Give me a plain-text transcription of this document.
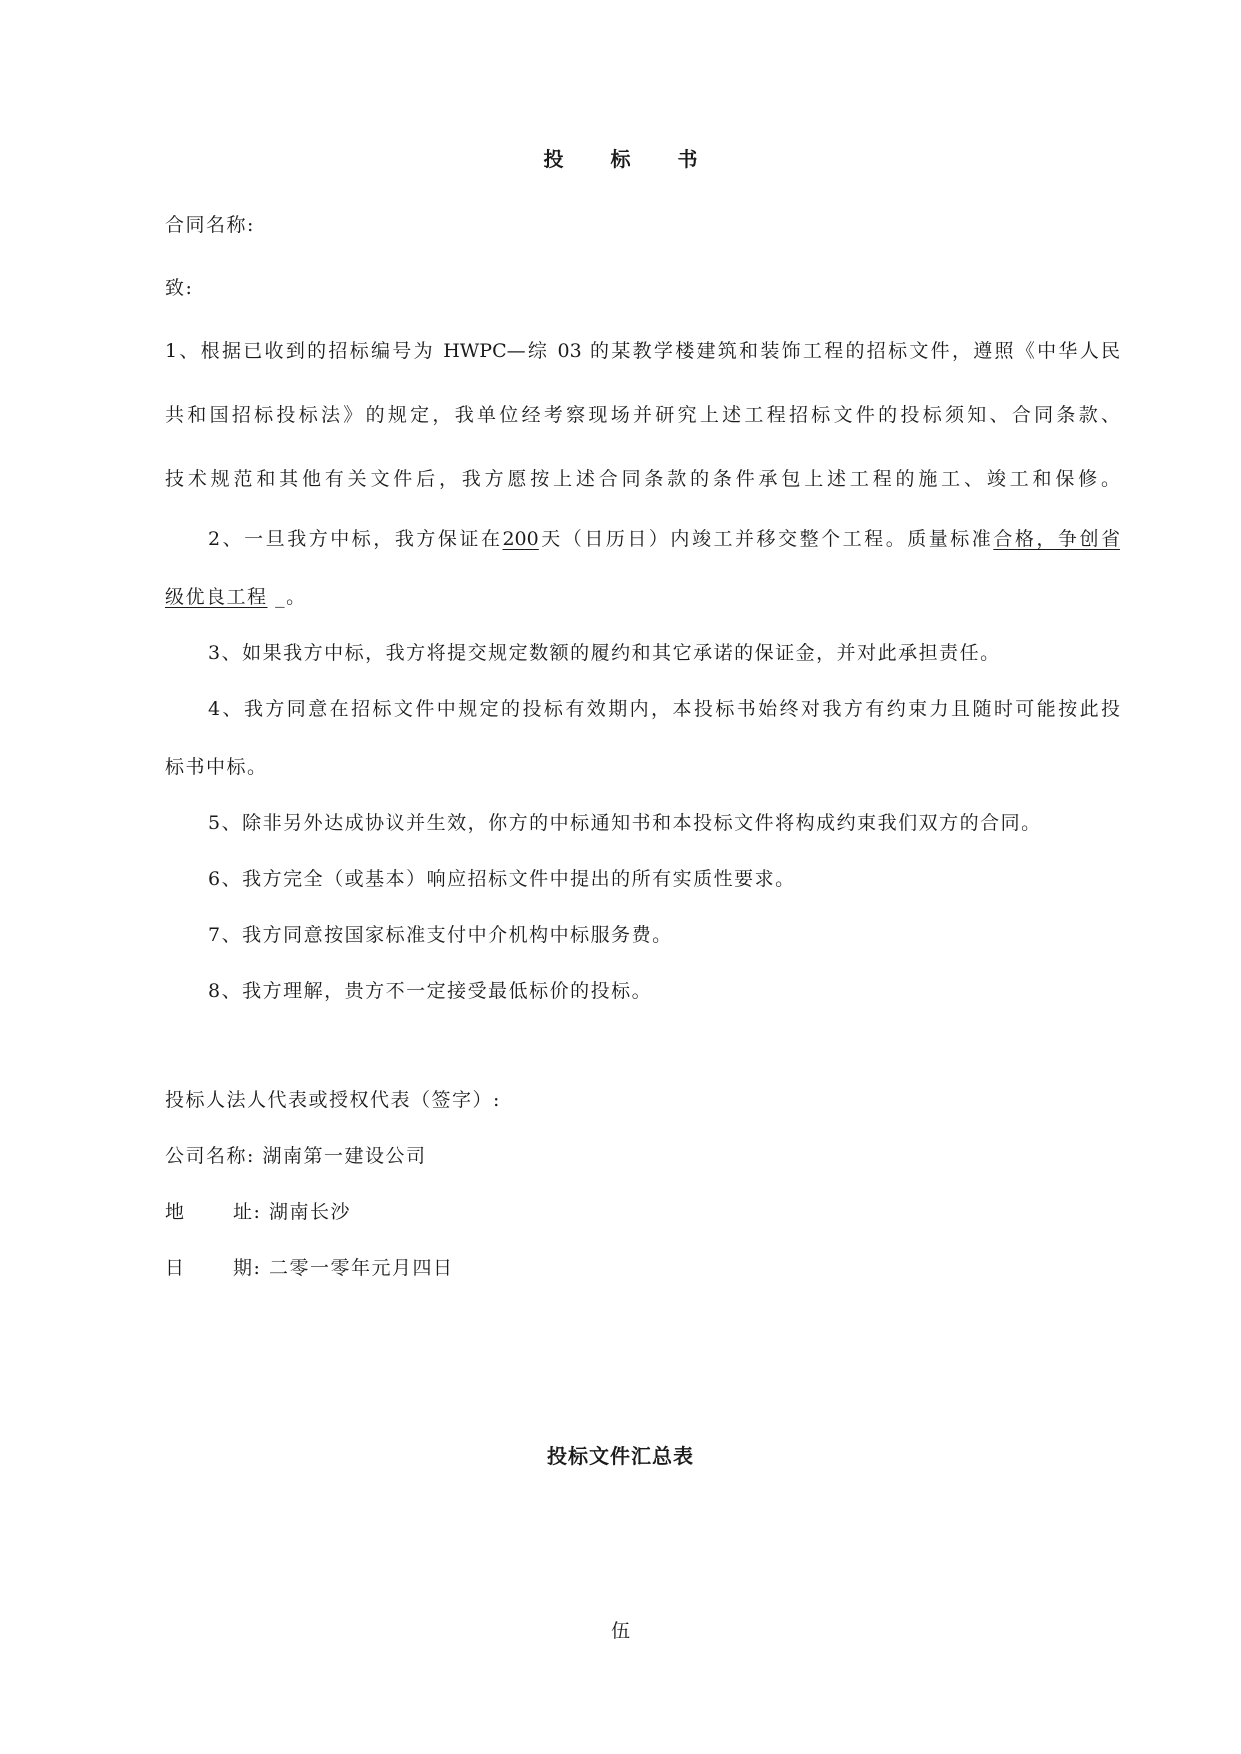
投 标 书
合同名称:
致:
1、根据已收到的招标编号为 HWPC—综 03 的某教学楼建筑和装饰工程的招标文件，遵照《中华人民
共和国招标投标法》的规定，我单位经考察现场并研究上述工程招标文件的投标须知、合同条款、
技术规范和其他有关文件后，我方愿按上述合同条款的条件承包上述工程的施工、竣工和保修。
2、一旦我方中标，我方保证在200天（日历日）内竣工并移交整个工程。质量标准合格，争创省
级优良工程 _。
3、如果我方中标，我方将提交规定数额的履约和其它承诺的保证金，并对此承担责任。
4、我方同意在招标文件中规定的投标有效期内，本投标书始终对我方有约束力且随时可能按此投
标书中标。
5、除非另外达成协议并生效，你方的中标通知书和本投标文件将构成约束我们双方的合同。
6、我方完全（或基本）响应招标文件中提出的所有实质性要求。
7、我方同意按国家标准支付中介机构中标服务费。
8、我方理解，贵方不一定接受最低标价的投标。
投标人法人代表或授权代表（签字）:
公司名称: 湖南第一建设公司
地 址: 湖南长沙
日 期: 二零一零年元月四日
投标文件汇总表
伍
